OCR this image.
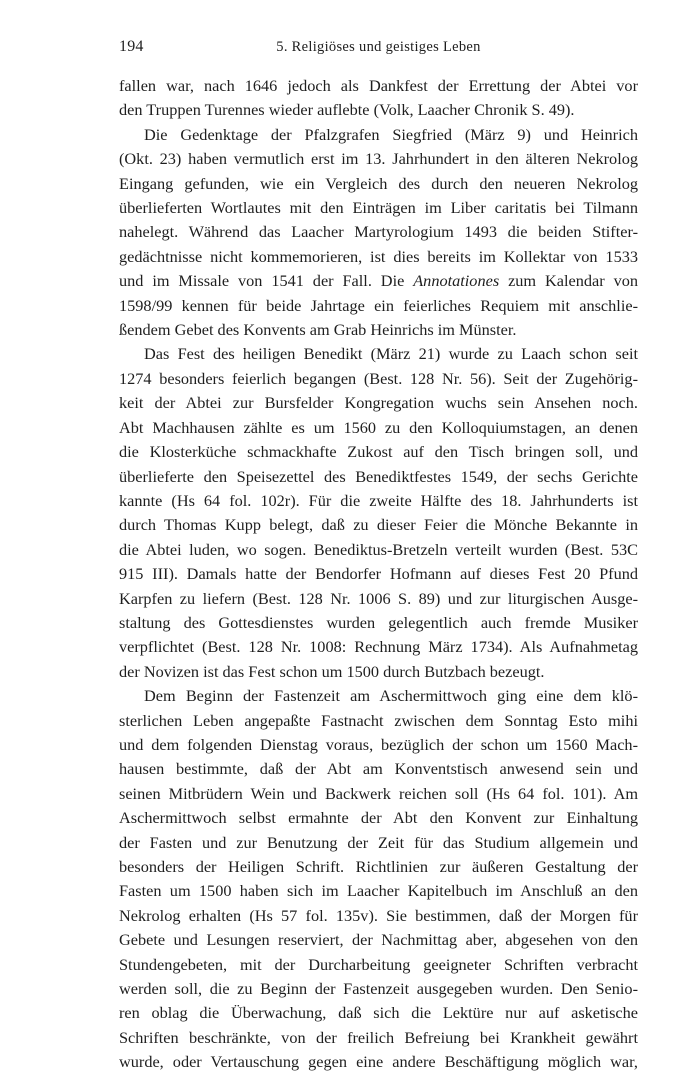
194	5. Religiöses und geistiges Leben

fallen war, nach 1646 jedoch als Dankfest der Errettung der Abtei vor

den Truppen Turennes wieder auflebte (Volk, Laacher Chronik S. 49).

Die Gedenktage der Pfalzgrafen Siegfried (März 9) und Heinrich

(Okt. 23) haben vermutlich erst im 13. Jahrhundert in den älteren Nekrolog

Eingang gefunden, wie ein Vergleich des durch den neueren Nekrolog

überlieferten Wortlautes mit den Einträgen im Liber caritatis bei Tilmann

nahelegt. Während das Laacher Martyrologium 1493 die beiden Stifter-

gedächtnisse nicht kommemorieren, ist dies bereits im Kollektar von 1533

und im Missale von 1541 der Fall. Die Annotationes zum Kalendar von

1598/99 kennen für beide Jahrtage ein feierliches Requiem mit anschlie-

ßendem Gebet des Konvents am Grab Heinrichs im Münster.

Das Fest des heiligen Benedikt (März 21) wurde zu Laach schon seit

1274 besonders feierlich begangen (Best. 128 Nr. 56). Seit der Zugehörig-

keit der Abtei zur Bursfelder Kongregation wuchs sein Ansehen noch.

Abt Machhausen zählte es um 1560 zu den Kolloquiumstagen, an denen

die Klosterküche schmackhafte Zukost auf den Tisch bringen soll, und

überlieferte den Speisezettel des Benediktfestes 1549, der sechs Gerichte

kannte (Hs 64 fol. 102r). Für die zweite Hälfte des 18. Jahrhunderts ist

durch Thomas Kupp belegt, daß zu dieser Feier die Mönche Bekannte in

die Abtei luden, wo sogen. Benediktus-Bretzeln verteilt wurden (Best. 53C

915 III). Damals hatte der Bendorfer Hofmann auf dieses Fest 20 Pfund

Karpfen zu liefern (Best. 128 Nr. 1006 S. 89) und zur liturgischen Ausge-

staltung des Gottesdienstes wurden gelegentlich auch fremde Musiker

verpflichtet (Best. 128 Nr. 1008: Rechnung März 1734). Als Aufnahmetag

der Novizen ist das Fest schon um 1500 durch Butzbach bezeugt.

Dem Beginn der Fastenzeit am Aschermittwoch ging eine dem klö-

sterlichen Leben angepaßte Fastnacht zwischen dem Sonntag Esto mihi

und dem folgenden Dienstag voraus, bezüglich der schon um 1560 Mach-

hausen bestimmte, daß der Abt am Konventstisch anwesend sein und

seinen Mitbrüdern Wein und Backwerk reichen soll (Hs 64 fol. 101). Am

Aschermittwoch selbst ermahnte der Abt den Konvent zur Einhaltung

der Fasten und zur Benutzung der Zeit für das Studium allgemein und

besonders der Heiligen Schrift. Richtlinien zur äußeren Gestaltung der

Fasten um 1500 haben sich im Laacher Kapitelbuch im Anschluß an den

Nekrolog erhalten (Hs 57 fol. 135v). Sie bestimmen, daß der Morgen für

Gebete und Lesungen reserviert, der Nachmittag aber, abgesehen von den

Stundengebeten, mit der Durcharbeitung geeigneter Schriften verbracht

werden soll, die zu Beginn der Fastenzeit ausgegeben wurden. Den Senio-

ren oblag die Überwachung, daß sich die Lektüre nur auf asketische

Schriften beschränkte, von der freilich Befreiung bei Krankheit gewährt

wurde, oder Vertauschung gegen eine andere Beschäftigung möglich war,
